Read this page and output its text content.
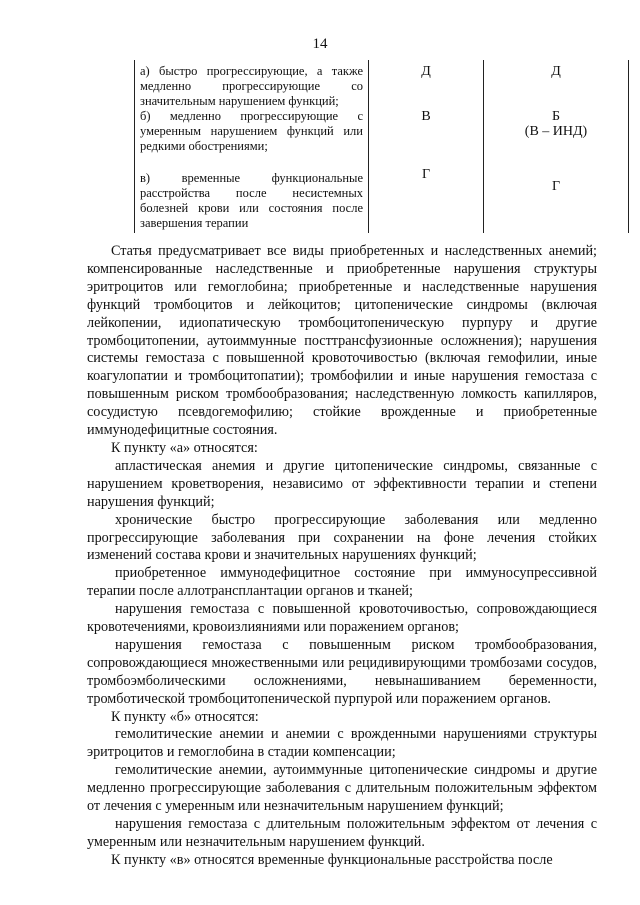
14
а) быстро прогрессирующие, а также медленно прогрессирующие со значительным нарушением функций;	Д	Д

б) медленно прогрессирующие с умеренным нарушением функций или редкими обострениями;	В	Б
(В – ИНД)

в) временные функциональные расстройства после несистемных болезней крови или состояния после завершения терапии	Г	Г

Статья предусматривает все виды приобретенных и наследственных анемий; компенсированные наследственные и приобретенные нарушения структуры эритроцитов или гемоглобина; приобретенные и наследственные нарушения функций тромбоцитов и лейкоцитов; цитопенические синдромы (включая лейкопении, идиопатическую тромбоцитопеническую пурпуру и другие тромбоцитопении, аутоиммунные посттрансфузионные осложнения); нарушения системы гемостаза с повышенной кровоточивостью (включая гемофилии, иные коагулопатии и тромбоцитопатии); тромбофилии и иные нарушения гемостаза с повышенным риском тромбообразования; наследственную ломкость капилляров, сосудистую псевдогемофилию; стойкие врожденные и приобретенные иммунодефицитные состояния.

К пункту «а» относятся:

апластическая анемия и другие цитопенические синдромы, связанные с нарушением кроветворения, независимо от эффективности терапии и степени нарушения функций;

хронические быстро прогрессирующие заболевания или медленно прогрессирующие заболевания при сохранении на фоне лечения стойких изменений состава крови и значительных нарушениях функций;

приобретенное иммунодефицитное состояние при иммуносупрессивной терапии после аллотрансплантации органов и тканей;

нарушения гемостаза с повышенной кровоточивостью, сопровождающиеся кровотечениями, кровоизлияниями или поражением органов;

нарушения гемостаза с повышенным риском тромбообразования, сопровождающиеся множественными или рецидивирующими тромбозами сосудов, тромбоэмболическими осложнениями, невынашиванием беременности, тромботической тромбоцитопенической пурпурой или поражением органов.

К пункту «б» относятся:

гемолитические анемии и анемии с врожденными нарушениями структуры эритроцитов и гемоглобина в стадии компенсации;

гемолитические анемии, аутоиммунные цитопенические синдромы и другие медленно прогрессирующие заболевания с длительным положительным эффектом от лечения с умеренным или незначительным нарушением функций;

нарушения гемостаза с длительным положительным эффектом от лечения с умеренным или незначительным нарушением функций.

К пункту «в» относятся временные функциональные расстройства после
